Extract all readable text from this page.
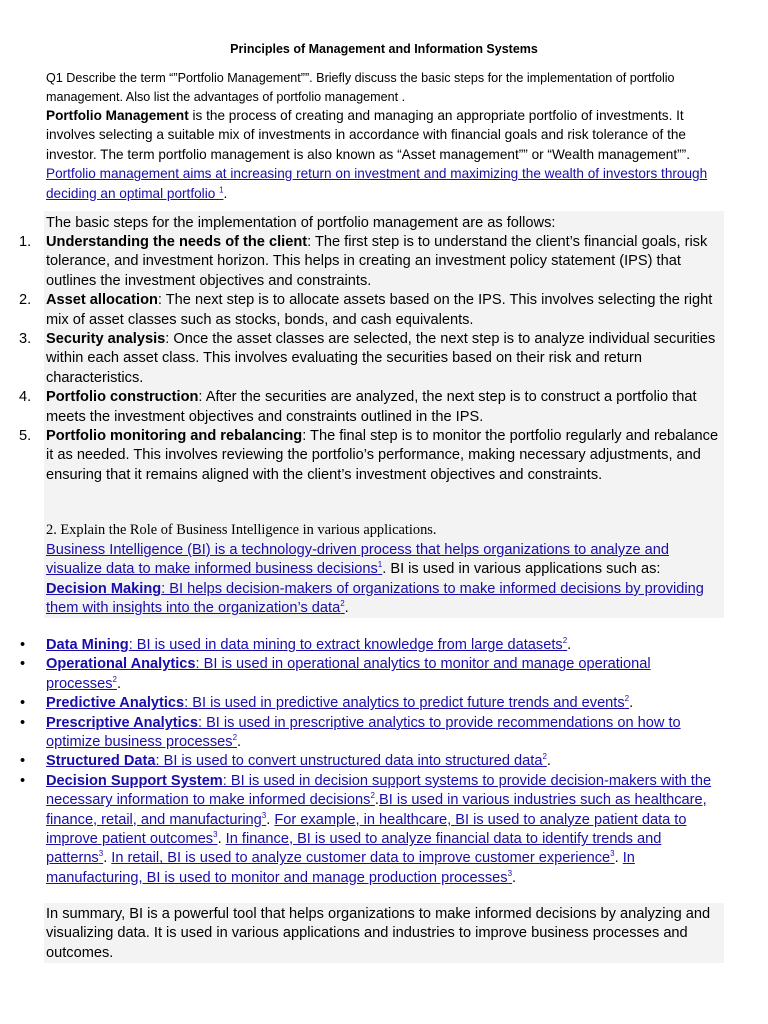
Principles of Management and Information Systems
Q1 Describe the term “”Portfolio Management””. Briefly discuss the basic steps for the implementation of portfolio management. Also list the advantages of portfolio management .
Portfolio Management is the process of creating and managing an appropriate portfolio of investments. It involves selecting a suitable mix of investments in accordance with financial goals and risk tolerance of the investor. The term portfolio management is also known as “Asset management”” or “Wealth management””. Portfolio management aims at increasing return on investment and maximizing the wealth of investors through deciding an optimal portfolio $^1$.
The basic steps for the implementation of portfolio management are as follows:
1. Understanding the needs of the client: The first step is to understand the client’s financial goals, risk tolerance, and investment horizon. This helps in creating an investment policy statement (IPS) that outlines the investment objectives and constraints.
2. Asset allocation: The next step is to allocate assets based on the IPS. This involves selecting the right mix of asset classes such as stocks, bonds, and cash equivalents.
3. Security analysis: Once the asset classes are selected, the next step is to analyze individual securities within each asset class. This involves evaluating the securities based on their risk and return characteristics.
4. Portfolio construction: After the securities are analyzed, the next step is to construct a portfolio that meets the investment objectives and constraints outlined in the IPS.
5. Portfolio monitoring and rebalancing: The final step is to monitor the portfolio regularly and rebalance it as needed. This involves reviewing the portfolio’s performance, making necessary adjustments, and ensuring that it remains aligned with the client’s investment objectives and constraints.
2. Explain the Role of Business Intelligence in various applications.
Business Intelligence (BI) is a technology-driven process that helps organizations to analyze and visualize data to make informed business decisions$^1$. BI is used in various applications such as:
Decision Making: BI helps decision-makers of organizations to make informed decisions by providing them with insights into the organization’s data$^2$.
• Data Mining: BI is used in data mining to extract knowledge from large datasets$^2$.
• Operational Analytics: BI is used in operational analytics to monitor and manage operational processes$^2$.
• Predictive Analytics: BI is used in predictive analytics to predict future trends and events$^2$.
• Prescriptive Analytics: BI is used in prescriptive analytics to provide recommendations on how to optimize business processes$^2$.
• Structured Data: BI is used to convert unstructured data into structured data$^2$.
• Decision Support System: BI is used in decision support systems to provide decision-makers with the necessary information to make informed decisions$^2$.BI is used in various industries such as healthcare, finance, retail, and manufacturing$^3$. For example, in healthcare, BI is used to analyze patient data to improve patient outcomes$^3$. In finance, BI is used to analyze financial data to identify trends and patterns$^3$. In retail, BI is used to analyze customer data to improve customer experience$^3$. In manufacturing, BI is used to monitor and manage production processes$^3$.
In summary, BI is a powerful tool that helps organizations to make informed decisions by analyzing and visualizing data. It is used in various applications and industries to improve business processes and outcomes.
